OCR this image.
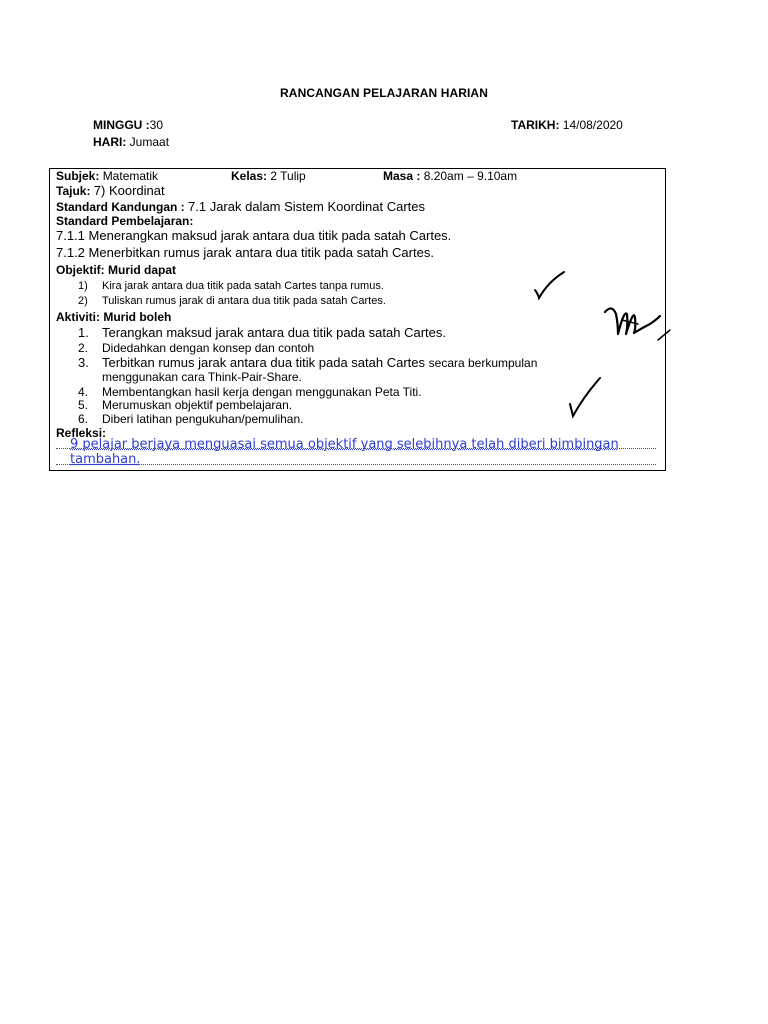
RANCANGAN PELAJARAN HARIAN
MINGGU :30
HARI: Jumaat
TARIKH: 14/08/2020
Subjek: Matematik	Kelas: 2 Tulip	Masa : 8.20am – 9.10am
Tajuk: 7) Koordinat
Standard Kandungan : 7.1 Jarak dalam Sistem Koordinat Cartes
Standard Pembelajaran:
7.1.1 Menerangkan maksud jarak antara dua titik pada satah Cartes.
7.1.2 Menerbitkan rumus jarak antara dua titik pada satah Cartes.
Objektif: Murid dapat
1) Kira jarak antara dua titik pada satah Cartes tanpa rumus.
2) Tuliskan rumus jarak di antara dua titik pada satah Cartes.
Aktiviti: Murid boleh
1. Terangkan maksud jarak antara dua titik pada satah Cartes.
2. Didedahkan dengan konsep dan contoh
3. Terbitkan rumus jarak antara dua titik pada satah Cartes secara berkumpulan
menggunakan cara Think-Pair-Share.
4. Membentangkan hasil kerja dengan menggunakan Peta Titi.
5. Merumuskan objektif pembelajaran.
6. Diberi latihan pengukuhan/pemulihan.
Refleksi:
9 pelajar berjaya menguasai semua objektif yang selebihnya telah diberi bimbingan
tambahan.
